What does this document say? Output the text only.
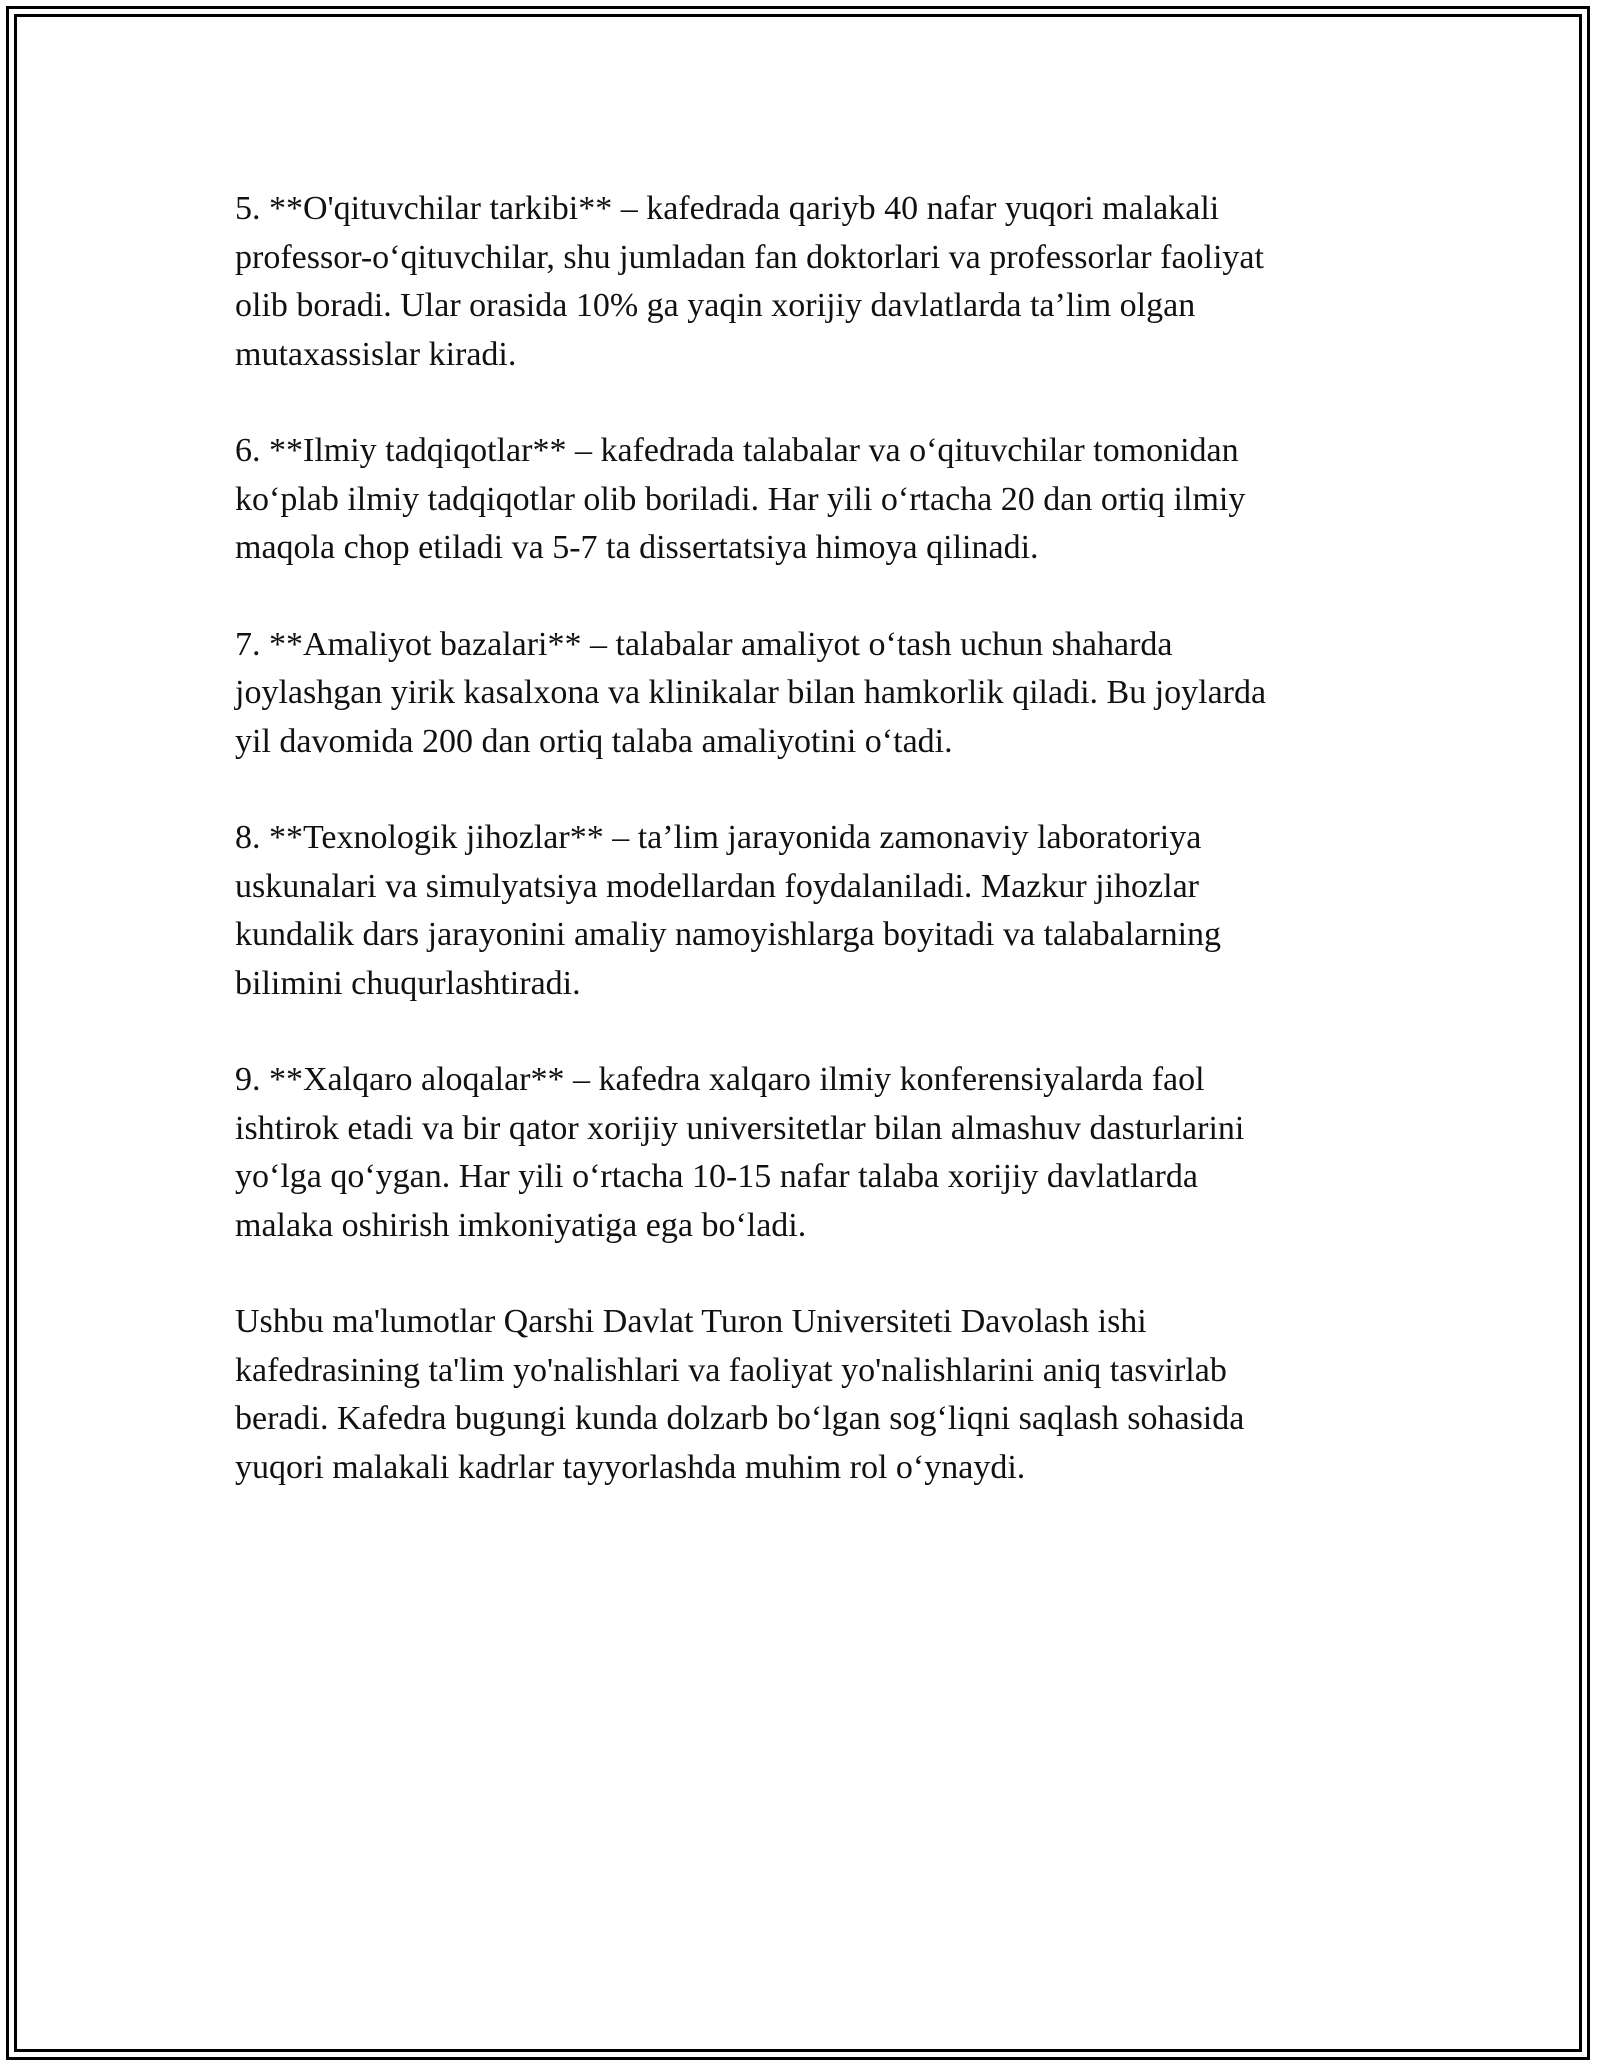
5. **O'qituvchilar tarkibi** – kafedrada qariyb 40 nafar yuqori malakali
professor-o‘qituvchilar, shu jumladan fan doktorlari va professorlar faoliyat
olib boradi. Ular orasida 10% ga yaqin xorijiy davlatlarda ta’lim olgan
mutaxassislar kiradi.

6. **Ilmiy tadqiqotlar** – kafedrada talabalar va o‘qituvchilar tomonidan
ko‘plab ilmiy tadqiqotlar olib boriladi. Har yili o‘rtacha 20 dan ortiq ilmiy
maqola chop etiladi va 5-7 ta dissertatsiya himoya qilinadi.

7. **Amaliyot bazalari** – talabalar amaliyot o‘tash uchun shaharda
joylashgan yirik kasalxona va klinikalar bilan hamkorlik qiladi. Bu joylarda
yil davomida 200 dan ortiq talaba amaliyotini o‘tadi.

8. **Texnologik jihozlar** – ta’lim jarayonida zamonaviy laboratoriya
uskunalari va simulyatsiya modellardan foydalaniladi. Mazkur jihozlar
kundalik dars jarayonini amaliy namoyishlarga boyitadi va talabalarning
bilimini chuqurlashtiradi.

9. **Xalqaro aloqalar** – kafedra xalqaro ilmiy konferensiyalarda faol
ishtirok etadi va bir qator xorijiy universitetlar bilan almashuv dasturlarini
yo‘lga qo‘ygan. Har yili o‘rtacha 10-15 nafar talaba xorijiy davlatlarda
malaka oshirish imkoniyatiga ega bo‘ladi.

Ushbu ma'lumotlar Qarshi Davlat Turon Universiteti Davolash ishi
kafedrasining ta'lim yo'nalishlari va faoliyat yo'nalishlarini aniq tasvirlab
beradi. Kafedra bugungi kunda dolzarb bo‘lgan sog‘liqni saqlash sohasida
yuqori malakali kadrlar tayyorlashda muhim rol o‘ynaydi.
